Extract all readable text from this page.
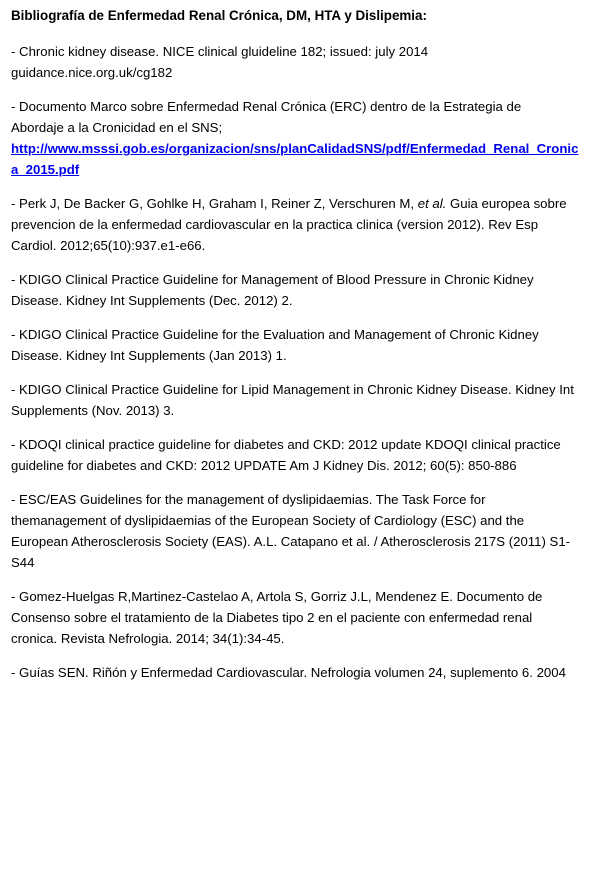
Bibliografía de Enfermedad Renal Crónica, DM, HTA y Dislipemia:
- Chronic kidney disease. NICE clinical gluideline 182; issued: july 2014
guidance.nice.org.uk/cg182
- Documento Marco sobre Enfermedad Renal Crónica (ERC) dentro de la Estrategia de
Abordaje a la Cronicidad en el SNS;
http://www.msssi.gob.es/organizacion/sns/planCalidadSNS/pdf/Enfermedad_Renal_Cronic
a_2015.pdf
- Perk J, De Backer G, Gohlke H, Graham I, Reiner Z, Verschuren M, et al. Guia europea sobre
prevencion de la enfermedad cardiovascular en la practica clinica (version 2012). Rev Esp
Cardiol. 2012;65(10):937.e1-e66.
- KDIGO Clinical Practice Guideline for Management of Blood Pressure in Chronic Kidney
Disease. Kidney Int Supplements (Dec. 2012) 2.
- KDIGO Clinical Practice Guideline for the Evaluation and Management of Chronic Kidney
Disease. Kidney Int Supplements (Jan 2013) 1.
- KDIGO Clinical Practice Guideline for Lipid Management in Chronic Kidney Disease. Kidney Int
Supplements (Nov. 2013) 3.
- KDOQI clinical practice guideline for diabetes and CKD: 2012 update KDOQI clinical practice
guideline for diabetes and CKD: 2012 UPDATE Am J Kidney Dis. 2012; 60(5): 850-886
- ESC/EAS Guidelines for the management of dyslipidaemias. The Task Force for
themanagement of dyslipidaemias of the European Society of Cardiology (ESC) and the
European Atherosclerosis Society (EAS). A.L. Catapano et al. / Atherosclerosis 217S (2011) S1-
S44
- Gomez-Huelgas R,Martinez-Castelao A, Artola S, Gorriz J.L, Mendenez E. Documento de
Consenso sobre el tratamiento de la Diabetes tipo 2 en el paciente con enfermedad renal
cronica. Revista Nefrologia. 2014; 34(1):34-45.
- Guías SEN. Riñón y Enfermedad Cardiovascular. Nefrologia volumen 24, suplemento 6. 2004
